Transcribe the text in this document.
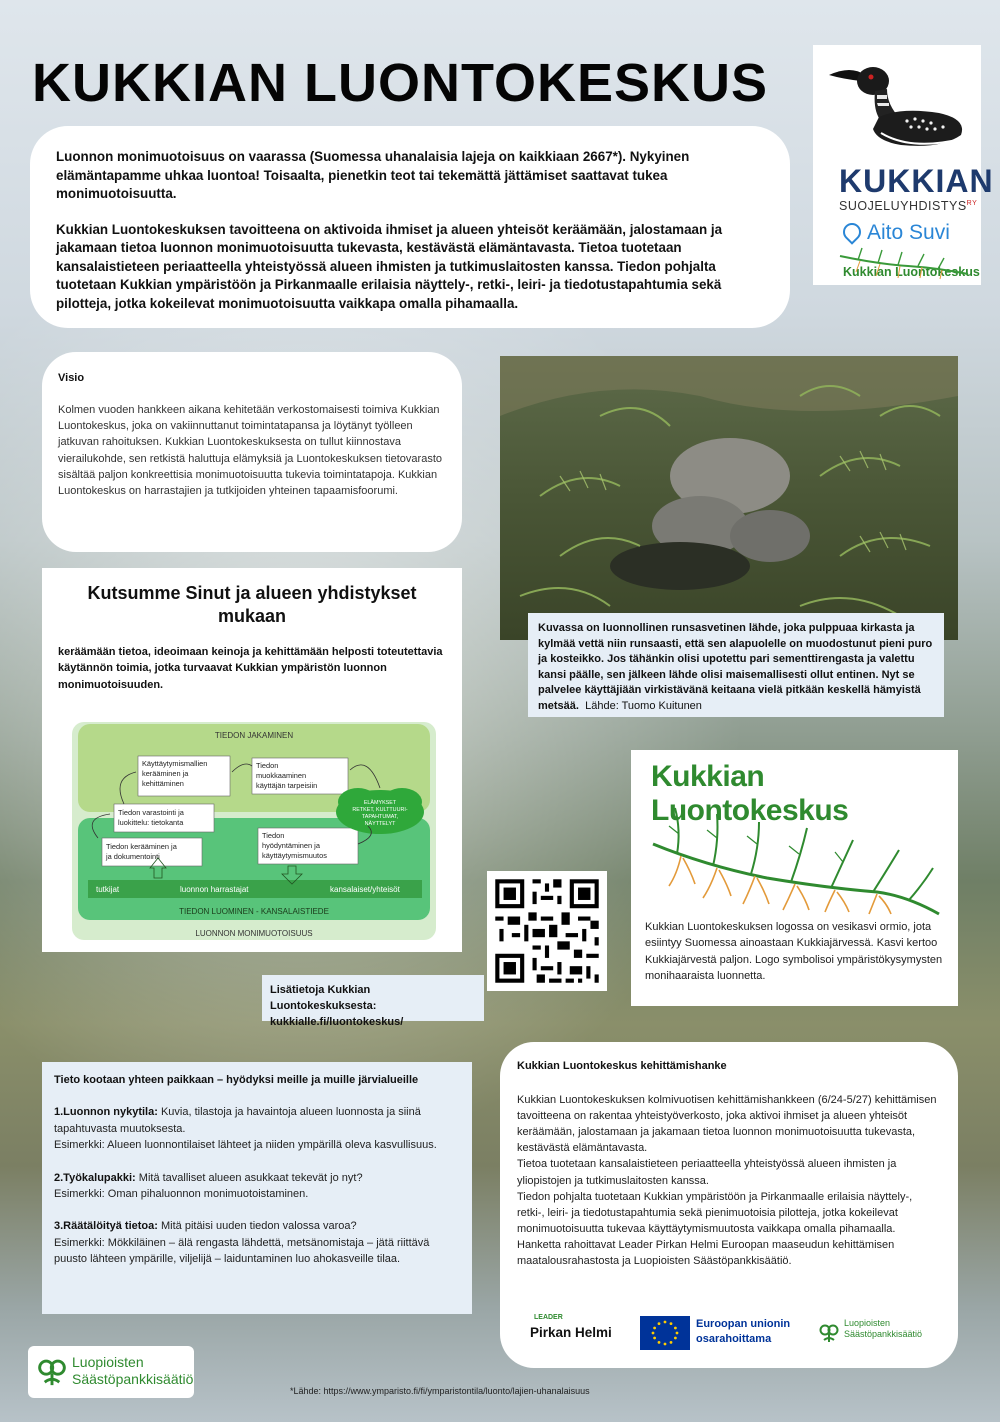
KUKKIAN LUONTOKESKUS

Luonnon monimuotoisuus on vaarassa (Suomessa uhanalaisia lajeja on kaikkiaan 2667*). Nykyinen elämäntapamme uhkaa luontoa! Toisaalta, pienetkin teot tai tekemättä jättämiset saattavat tukea monimuotoisuutta.

Kukkian Luontokeskuksen tavoitteena on aktivoida ihmiset ja alueen yhteisöt keräämään, jalostamaan ja jakamaan tietoa luonnon monimuotoisuutta tukevasta, kestävästä elämäntavasta. Tietoa tuotetaan kansalaistieteen periaatteella yhteistyössä alueen ihmisten ja tutkimuslaitosten kanssa. Tiedon pohjalta tuotetaan Kukkian ympäristöön ja Pirkanmaalle erilaisia näyttely-, retki-, leiri- ja tiedotustapahtumia sekä pilotteja, jotka kokeilevat monimuotoisuutta vaikkapa omalla pihamaalla.

KUKKIAN
$SUOJELUYHDISTYS^{RY}$
Aito Suvi
Kukkian Luontokeskus
Visio
Kolmen vuoden hankkeen aikana kehitetään verkostomaisesti toimiva Kukkian Luontokeskus, joka on vakiinnuttanut toimintatapansa ja löytänyt työlleen jatkuvan rahoituksen. Kukkian Luontokeskuksesta on tullut kiinnostava vierailukohde, sen retkistä haluttuja elämyksiä ja Luontokeskuksen tietovarasto sisältää paljon konkreettisia monimuotoisuutta tukevia toimintatapoja. Kukkian Luontokeskus on harrastajien ja tutkijoiden yhteinen tapaamisfoorumi.
Kuvassa on luonnollinen runsasvetinen lähde, joka pulppuaa kirkasta ja kylmää vettä niin runsaasti, että sen alapuolelle on muodostunut pieni puro ja kosteikko. Jos tähänkin olisi upotettu pari sementtirengasta ja valettu kansi päälle, sen jälkeen lähde olisi maisemallisesti ollut entinen. Nyt se palvelee käyttäjiään virkistävänä keitaana vielä pitkään keskellä hämyistä metsää. Lähde: Tuomo Kuitunen
Kutsumme Sinut ja alueen yhdistykset mukaan
keräämään tietoa, ideoimaan keinoja ja kehittämään helposti toteutettavia käytännön toimia, jotka turvaavat Kukkian ympäristön luonnon monimuotoisuuden.
TIEDON JAKAMINEN
tutkijat	luonnon harrastajat	kansalaiset/yhteisöt
TIEDON LUOMINEN - KANSALAISTIEDE
LUONNON MONIMUOTOISUUS
Käyttäytymismallien kerääminen ja kehittäminen
Tiedon muokkaaminen käyttäjän tarpeisiin
Tiedon varastointi ja luokittelu: tietokanta
Tiedon kerääminen ja ja dokumentointi
Tiedon hyödyntäminen ja käyttäytymismuutos
ELÄMYKSET RETKET, KULTTUURI-TAPAHTUMAT, NÄYTTELYT
Lisätietoja Kukkian Luontokeskuksesta:
kukkialle.fi/luontokeskus/
Kukkian Luontokeskus
Kukkian Luontokeskuksen logossa on vesikasvi ormio, jota esiintyy Suomessa ainoastaan Kukkiajärvessä. Kasvi kertoo Kukkiajärvestä paljon. Logo symbolisoi ympäristökysymysten monihaaraista luonnetta.
Tieto kootaan yhteen paikkaan – hyödyksi meille ja muille järvialueille
1.Luonnon nykytila: Kuvia, tilastoja ja havaintoja alueen luonnosta ja siinä tapahtuvasta muutoksesta.
Esimerkki: Alueen luonnontilaiset lähteet ja niiden ympärillä oleva kasvullisuus.
2.Työkalupakki: Mitä tavalliset alueen asukkaat tekevät jo nyt?
Esimerkki: Oman pihaluonnon monimuotoistaminen.
3.Räätälöityä tietoa: Mitä pitäisi uuden tiedon valossa varoa?
Esimerkki: Mökkiläinen – älä rengasta lähdettä, metsänomistaja – jätä riittävä puusto lähteen ympärille, viljelijä – laiduntaminen luo ahokasveille tilaa.
Kukkian Luontokeskus kehittämishanke
Kukkian Luontokeskuksen kolmivuotisen kehittämishankkeen (6/24-5/27) kehittämisen tavoitteena on rakentaa yhteistyöverkosto, joka aktivoi ihmiset ja alueen yhteisöt keräämään, jalostamaan ja jakamaan tietoa luonnon monimuotoisuutta tukevasta, kestävästä elämäntavasta.
Tietoa tuotetaan kansalaistieteen periaatteella yhteistyössä alueen ihmisten ja yliopistojen ja tutkimuslaitosten kanssa.
Tiedon pohjalta tuotetaan Kukkian ympäristöön ja Pirkanmaalle erilaisia näyttely-, retki-, leiri- ja tiedotustapahtumia sekä pienimuotoisia pilotteja, jotka kokeilevat monimuotoisuutta tukevaa käyttäytymismuutosta vaikkapa omalla pihamaalla.
Hanketta rahoittavat Leader Pirkan Helmi Euroopan maaseudun kehittämisen maatalousrahastosta ja Luopioisten Säästöpankkisäätiö.
LEADER
Pirkan Helmi
Euroopan unionin
osarahoittama
Luopioisten
Säästöpankkisäätiö
Luopioisten
Säästöpankkisäätiö
*Lähde: https://www.ymparisto.fi/fi/ymparistontila/luonto/lajien-uhanalaisuus
